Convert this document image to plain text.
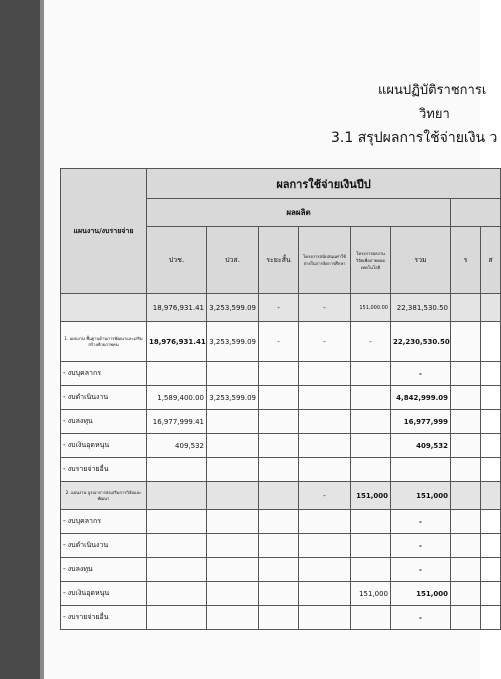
แผนปฏิบัติราชการเ
วิทยา
3.1 สรุปผลการใช้จ่ายเงิน ว
แผนงาน/งบรายจ่าย	ผลการใช้จ่ายเงินปีป							
	ผลผลิต							
	ปวช.	ปวส.	ระยะสั้น	โครงการสนับสนุนค่าใช้จ่ายในการจัดการศึกษา	โครงการผลงานวิจัยเพื่อถ่ายทอดเทคโนโลยี	รวม	ร	ส
	18,976,931.41	3,253,599.09	-	-	151,000.00	22,381,530.50		
1. แผนงาน พื้นฐานด้านการพัฒนาและเสริมสร้างศักยภาพคน	18,976,931.41	3,253,599.09	-	-	-	22,230,530.50		
- งบบุคลากร						-		
- งบดำเนินงาน	1,589,400.00	3,253,599.09				4,842,999.09		
- งบลงทุน	16,977,999.41					16,977,999		
- งบเงินอุดหนุน	409,532					409,532		
- งบรายจ่ายอื่น								
2. แผนงาน บูรณาการส่งเสริมการวิจัยและพัฒนา				-	151,000	151,000		
- งบบุคลากร						-		
- งบดำเนินงาน						-		
- งบลงทุน						-		
- งบเงินอุดหนุน					151,000	151,000		
- งบรายจ่ายอื่น						-		
